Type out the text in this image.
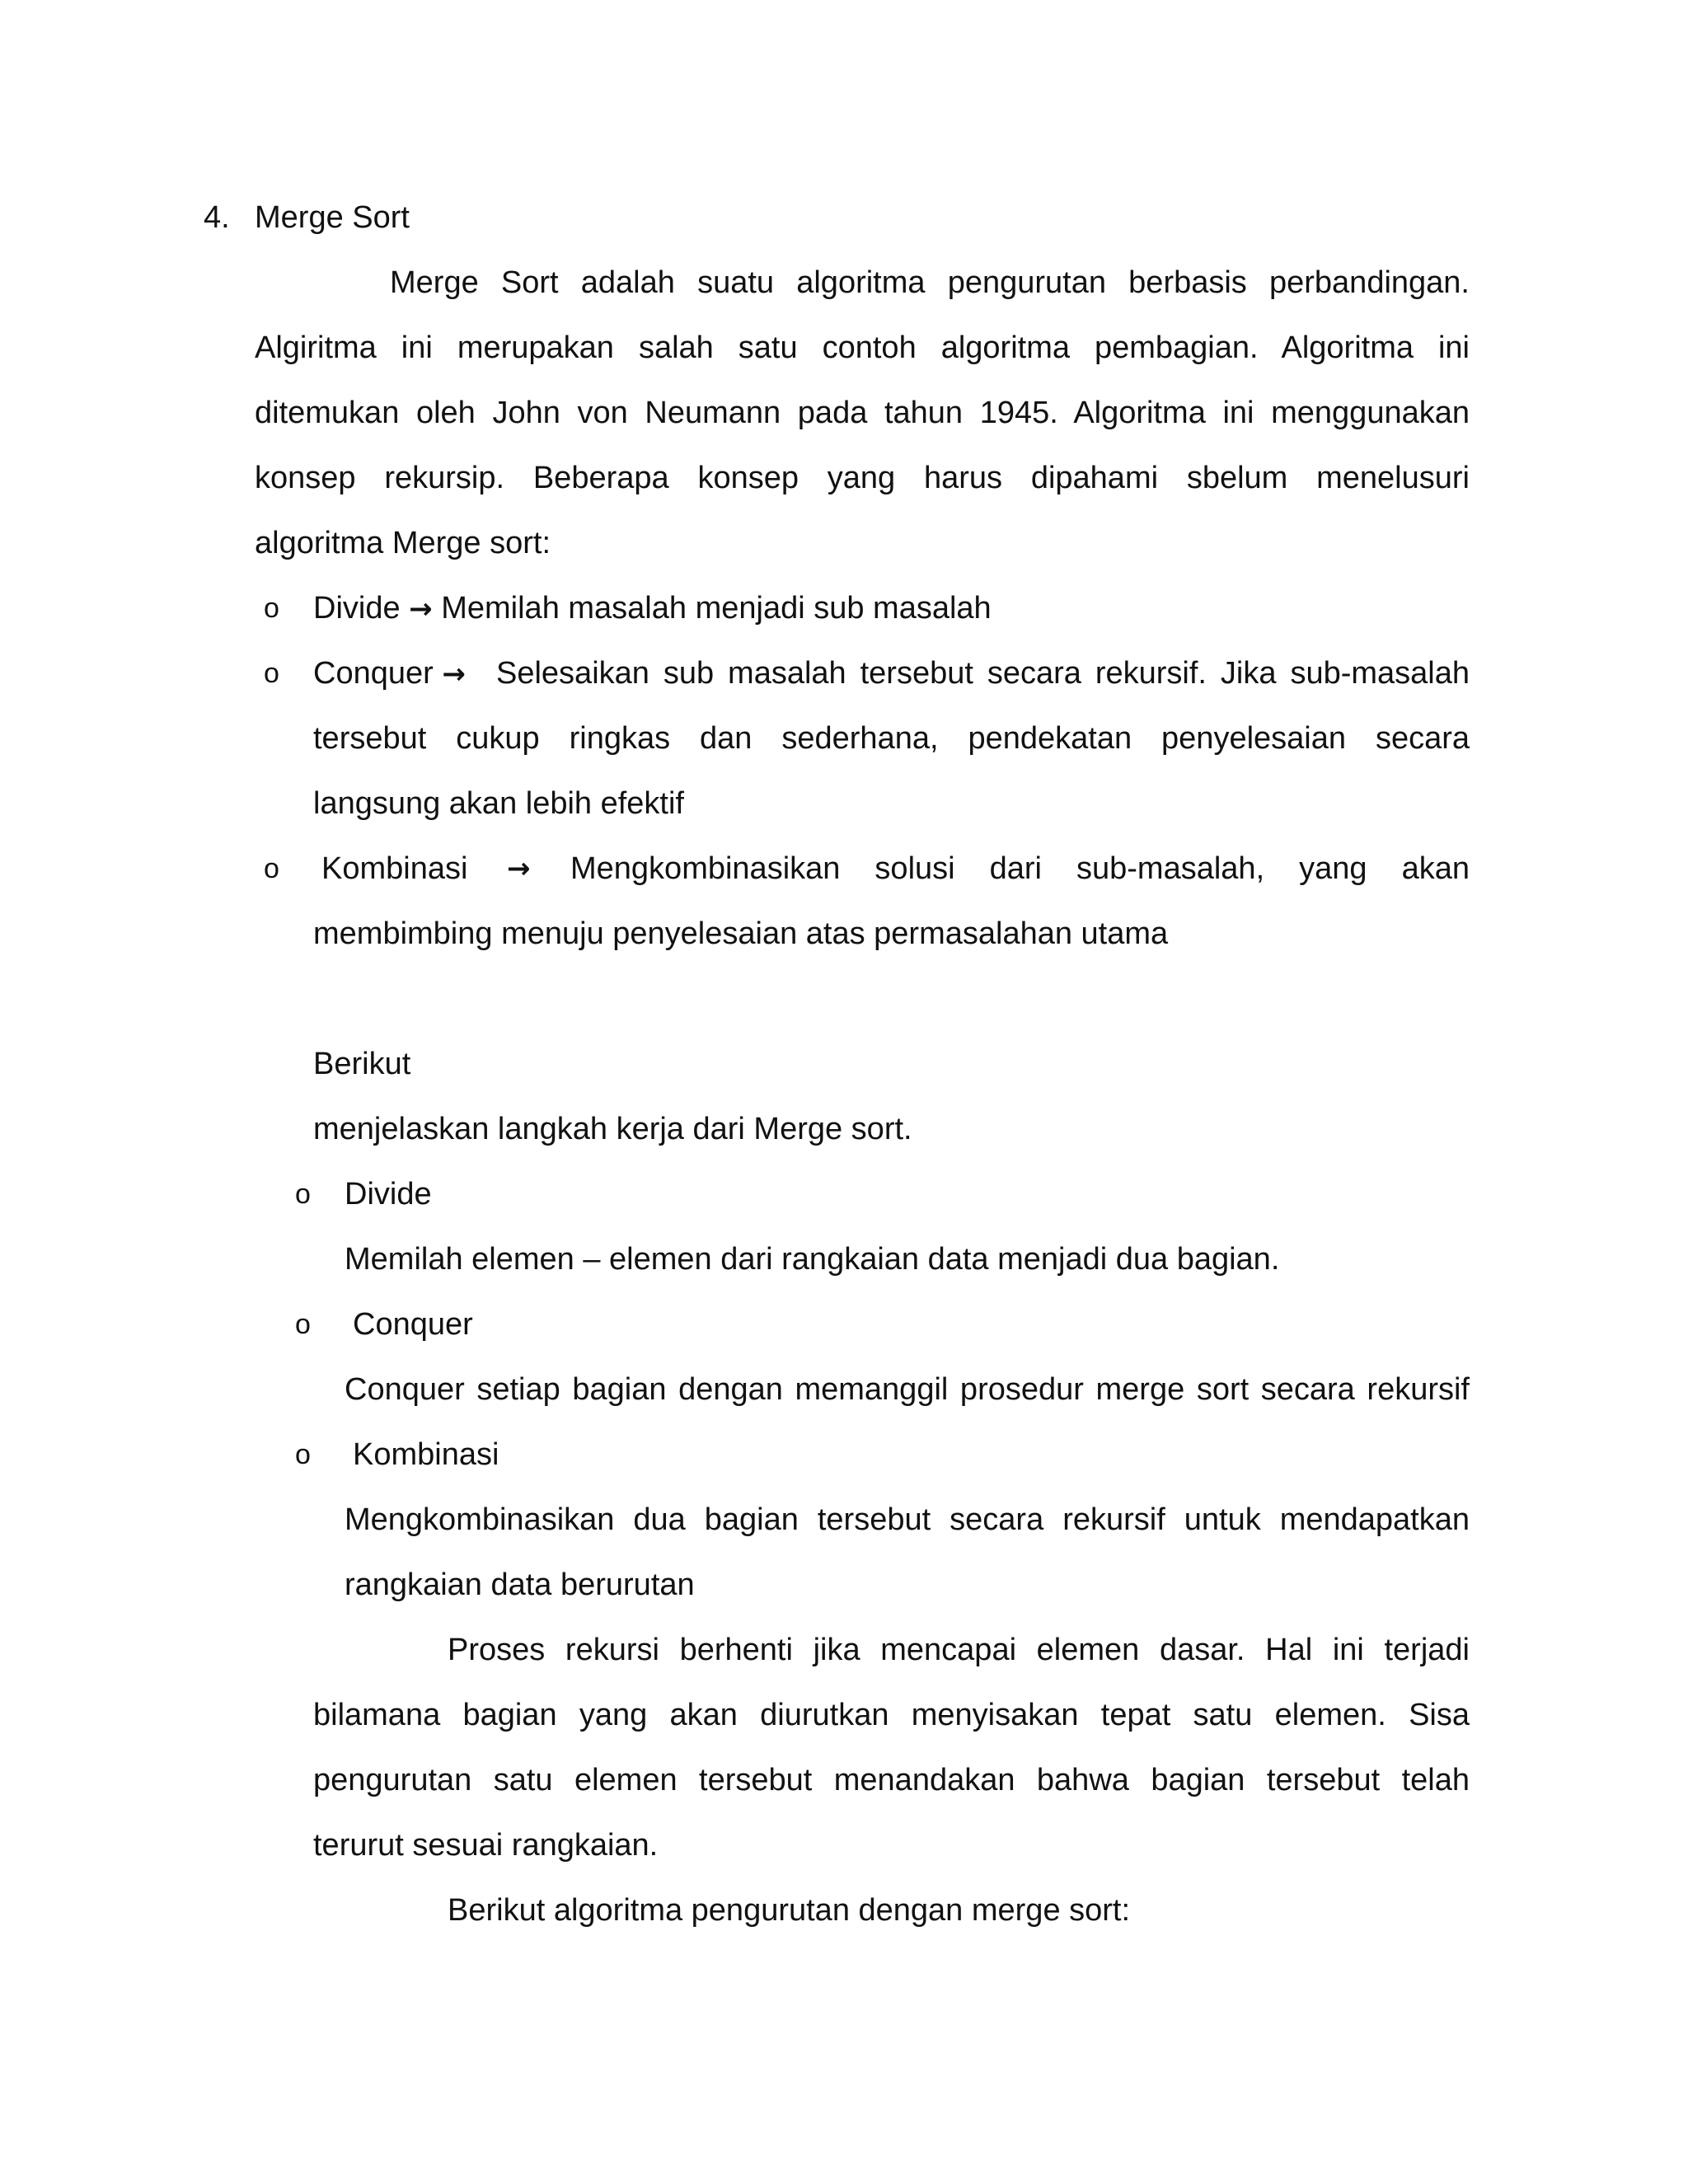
4. Merge Sort
Merge Sort adalah suatu algoritma pengurutan berbasis perbandingan.
Algiritma ini merupakan salah satu contoh algoritma pembagian. Algoritma ini
ditemukan oleh John von Neumann pada tahun 1945. Algoritma ini menggunakan
konsep rekursip. Beberapa konsep yang harus dipahami sbelum menelusuri
algoritma Merge sort:
o Divide → Memilah masalah menjadi sub masalah
o Conquer → Selesaikan sub masalah tersebut secara rekursif. Jika sub-masalah
tersebut cukup ringkas dan sederhana, pendekatan penyelesaian secara
langsung akan lebih efektif
o Kombinasi → Mengkombinasikan solusi dari sub-masalah, yang akan
membimbing menuju penyelesaian atas permasalahan utama
Berikut
menjelaskan langkah kerja dari Merge sort.
o Divide
Memilah elemen – elemen dari rangkaian data menjadi dua bagian.
o Conquer
Conquer setiap bagian dengan memanggil prosedur merge sort secara rekursif
o Kombinasi
Mengkombinasikan dua bagian tersebut secara rekursif untuk mendapatkan
rangkaian data berurutan
Proses rekursi berhenti jika mencapai elemen dasar. Hal ini terjadi
bilamana bagian yang akan diurutkan menyisakan tepat satu elemen. Sisa
pengurutan satu elemen tersebut menandakan bahwa bagian tersebut telah
terurut sesuai rangkaian.
Berikut algoritma pengurutan dengan merge sort:
